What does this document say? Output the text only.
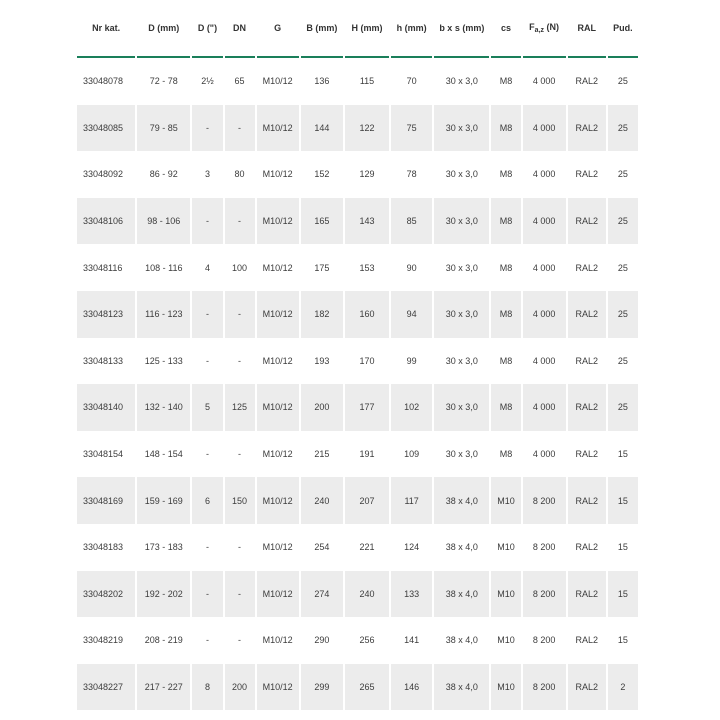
Nr kat.	D (mm)	D (")	DN	G	B (mm)	H (mm)	h (mm)	b x s (mm)	cs	$F_{a,z}$ (N)	RAL	Pud.
33048078	72 - 78	2½	65	M10/12	136	115	70	30 x 3,0	M8	4 000	RAL2	25
33048085	79 - 85	-	-	M10/12	144	122	75	30 x 3,0	M8	4 000	RAL2	25
33048092	86 - 92	3	80	M10/12	152	129	78	30 x 3,0	M8	4 000	RAL2	25
33048106	98 - 106	-	-	M10/12	165	143	85	30 x 3,0	M8	4 000	RAL2	25
33048116	108 - 116	4	100	M10/12	175	153	90	30 x 3,0	M8	4 000	RAL2	25
33048123	116 - 123	-	-	M10/12	182	160	94	30 x 3,0	M8	4 000	RAL2	25
33048133	125 - 133	-	-	M10/12	193	170	99	30 x 3,0	M8	4 000	RAL2	25
33048140	132 - 140	5	125	M10/12	200	177	102	30 x 3,0	M8	4 000	RAL2	25
33048154	148 - 154	-	-	M10/12	215	191	109	30 x 3,0	M8	4 000	RAL2	15
33048169	159 - 169	6	150	M10/12	240	207	117	38 x 4,0	M10	8 200	RAL2	15
33048183	173 - 183	-	-	M10/12	254	221	124	38 x 4,0	M10	8 200	RAL2	15
33048202	192 - 202	-	-	M10/12	274	240	133	38 x 4,0	M10	8 200	RAL2	15
33048219	208 - 219	-	-	M10/12	290	256	141	38 x 4,0	M10	8 200	RAL2	15
33048227	217 - 227	8	200	M10/12	299	265	146	38 x 4,0	M10	8 200	RAL2	2
